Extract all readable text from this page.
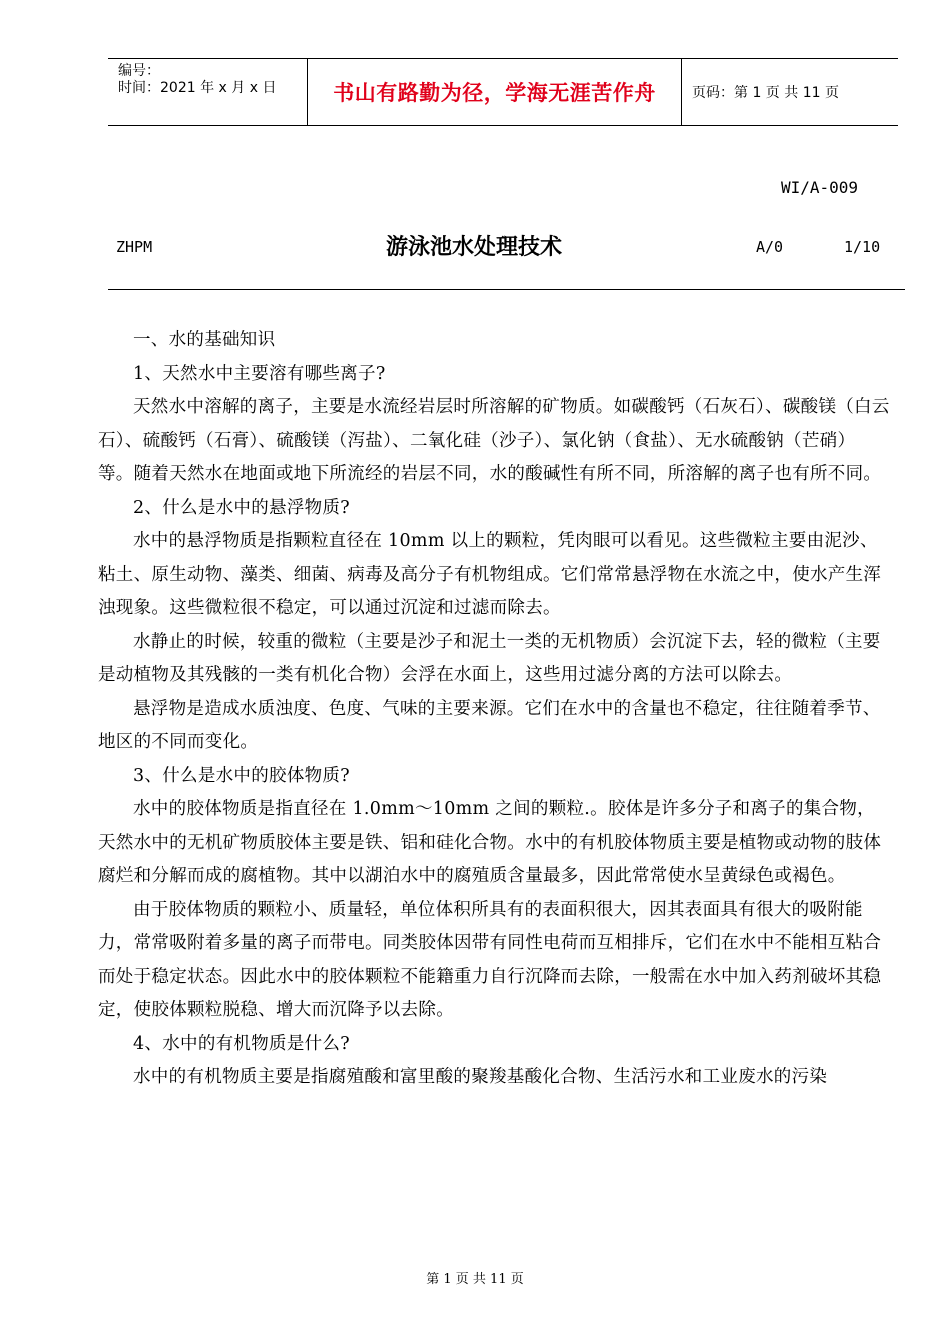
编号：
时间：2021 年 x 月 x 日	书山有路勤为径，学海无涯苦作舟	页码：第 1 页 共 11 页
WI/A-009
ZHPM	游泳池水处理技术	A/0	1/10

一、水的基础知识

1、天然水中主要溶有哪些离子?

天然水中溶解的离子，主要是水流经岩层时所溶解的矿物质。如碳酸钙（石灰石）、碳酸镁（白云石）、硫酸钙（石膏）、硫酸镁（泻盐）、二氧化硅（沙子）、氯化钠（食盐）、无水硫酸钠（芒硝）等。随着天然水在地面或地下所流经的岩层不同，水的酸碱性有所不同，所溶解的离子也有所不同。

2、什么是水中的悬浮物质?

水中的悬浮物质是指颗粒直径在 10mm 以上的颗粒，凭肉眼可以看见。这些微粒主要由泥沙、粘土、原生动物、藻类、细菌、病毒及高分子有机物组成。它们常常悬浮物在水流之中，使水产生浑浊现象。这些微粒很不稳定，可以通过沉淀和过滤而除去。

水静止的时候，较重的微粒（主要是沙子和泥土一类的无机物质）会沉淀下去，轻的微粒（主要是动植物及其残骸的一类有机化合物）会浮在水面上，这些用过滤分离的方法可以除去。

悬浮物是造成水质浊度、色度、气味的主要来源。它们在水中的含量也不稳定，往往随着季节、地区的不同而变化。

3、什么是水中的胶体物质?

水中的胶体物质是指直径在 1.0mm～10mm 之间的颗粒.。胶体是许多分子和离子的集合物，天然水中的无机矿物质胶体主要是铁、铝和硅化合物。水中的有机胶体物质主要是植物或动物的肢体腐烂和分解而成的腐植物。其中以湖泊水中的腐殖质含量最多，因此常常使水呈黄绿色或褐色。

由于胶体物质的颗粒小、质量轻，单位体积所具有的表面积很大，因其表面具有很大的吸附能力，常常吸附着多量的离子而带电。同类胶体因带有同性电荷而互相排斥，它们在水中不能相互粘合而处于稳定状态。因此水中的胶体颗粒不能籍重力自行沉降而去除，一般需在水中加入药剂破坏其稳定，使胶体颗粒脱稳、增大而沉降予以去除。

4、水中的有机物质是什么?

水中的有机物质主要是指腐殖酸和富里酸的聚羧基酸化合物、生活污水和工业废水的污染

第 1 页 共 11 页
